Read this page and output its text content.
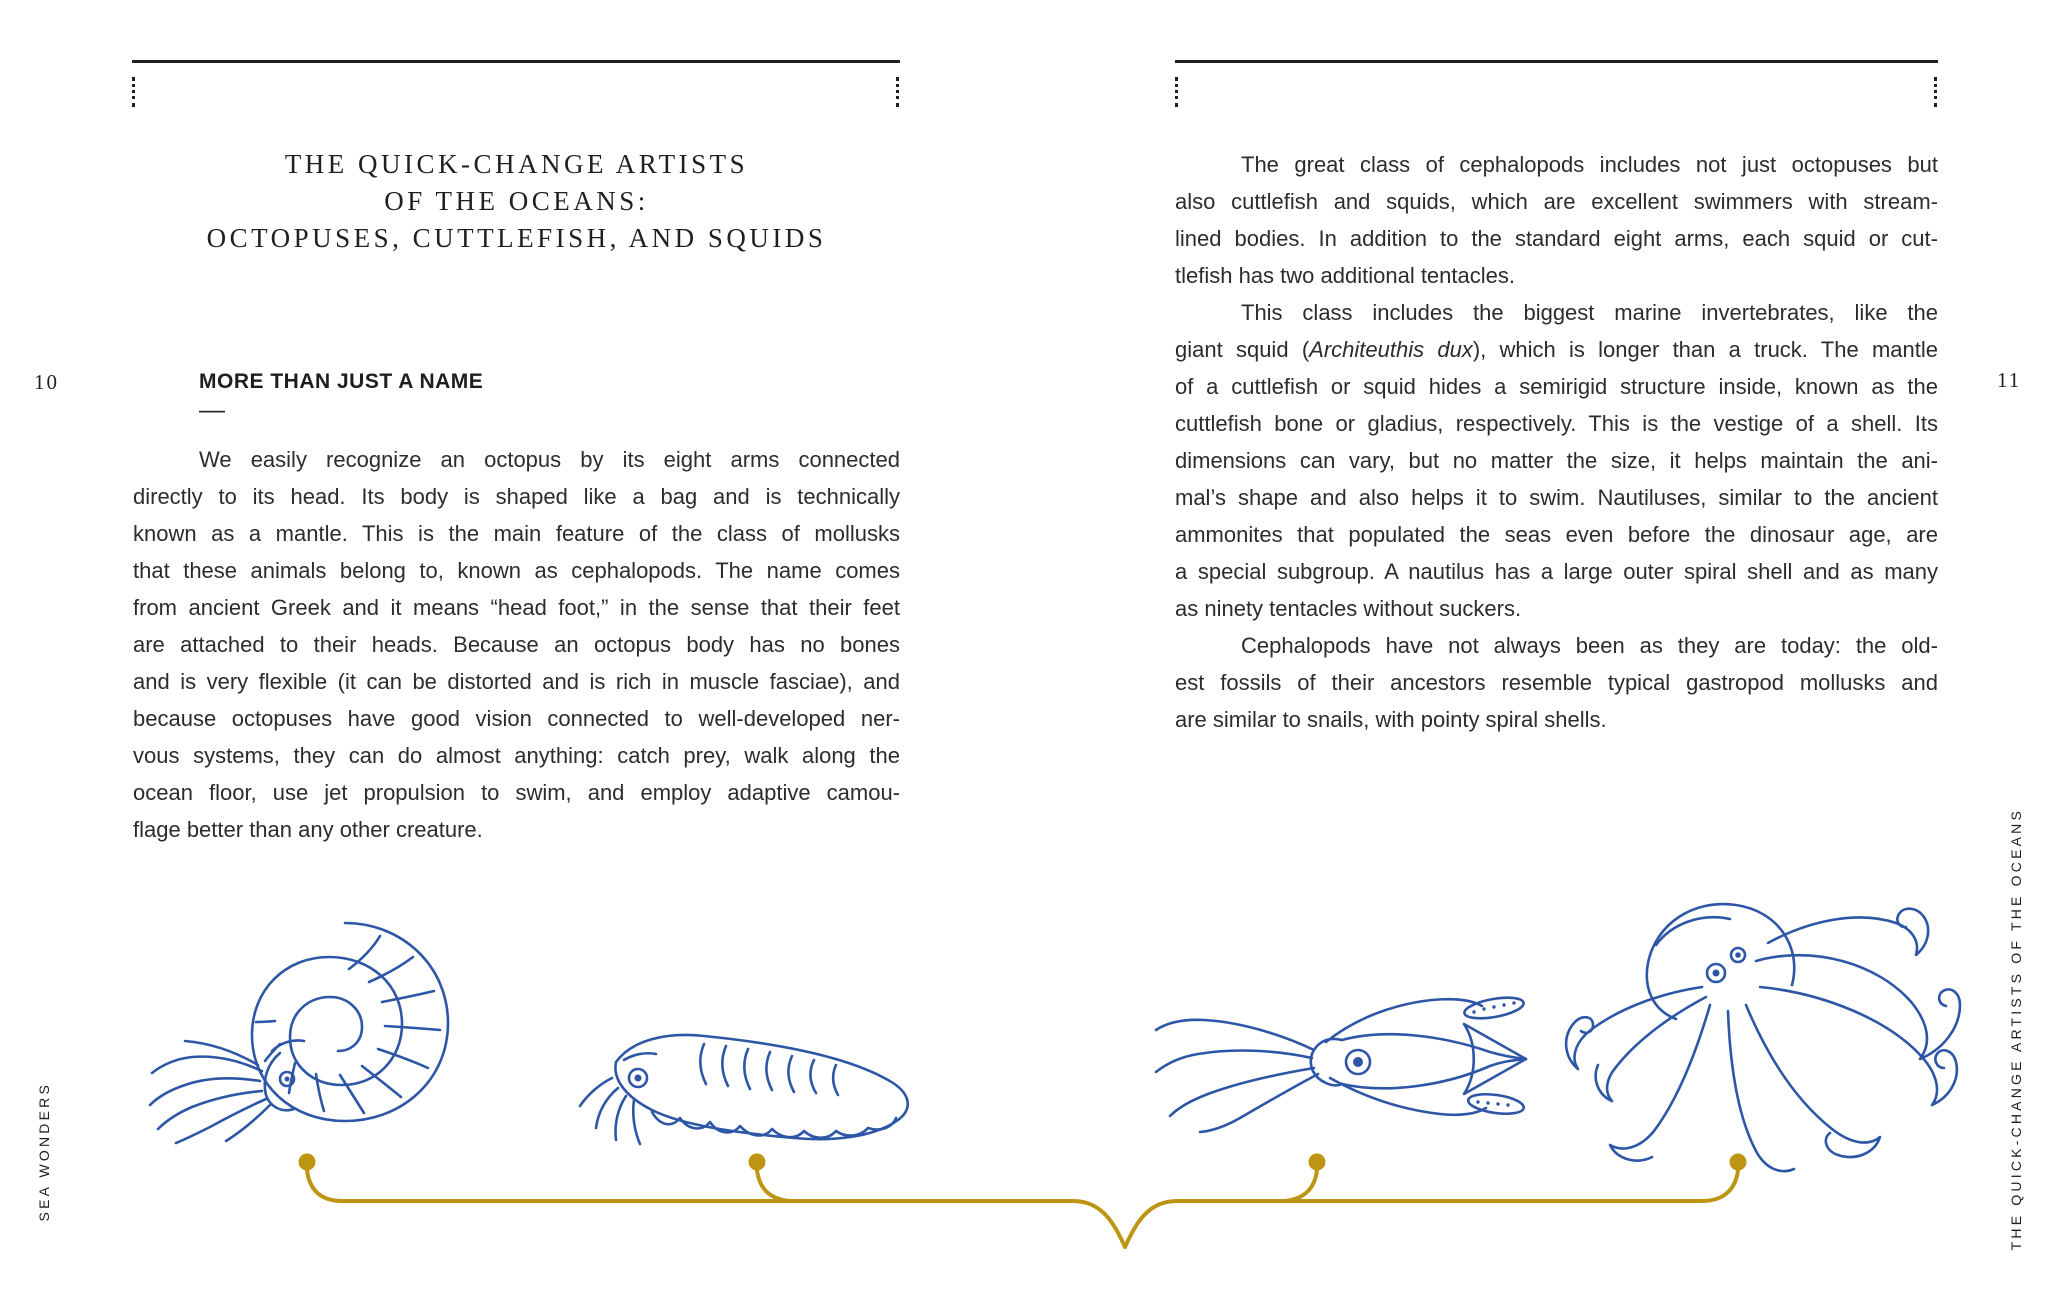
THE QUICK-CHANGE ARTISTS
OF THE OCEANS:
OCTOPUSES, CUTTLEFISH, AND SQUIDS
MORE THAN JUST A NAME
—
We easily recognize an octopus by its eight arms connected
directly to its head. Its body is shaped like a bag and is technically
known as a mantle. This is the main feature of the class of mollusks
that these animals belong to, known as cephalopods. The name comes
from ancient Greek and it means “head foot,” in the sense that their feet
are attached to their heads. Because an octopus body has no bones
and is very flexible (it can be distorted and is rich in muscle fasciae), and
because octopuses have good vision connected to well-developed ner-
vous systems, they can do almost anything: catch prey, walk along the
ocean floor, use jet propulsion to swim, and employ adaptive camou-
flage better than any other creature.
The great class of cephalopods includes not just octopuses but
also cuttlefish and squids, which are excellent swimmers with stream-
lined bodies. In addition to the standard eight arms, each squid or cut-
tlefish has two additional tentacles.
This class includes the biggest marine invertebrates, like the
giant squid (Architeuthis dux), which is longer than a truck. The mantle
of a cuttlefish or squid hides a semirigid structure inside, known as the
cuttlefish bone or gladius, respectively. This is the vestige of a shell. Its
dimensions can vary, but no matter the size, it helps maintain the ani-
mal’s shape and also helps it to swim. Nautiluses, similar to the ancient
ammonites that populated the seas even before the dinosaur age, are
a special subgroup. A nautilus has a large outer spiral shell and as many
as ninety tentacles without suckers.
Cephalopods have not always been as they are today: the old-
est fossils of their ancestors resemble typical gastropod mollusks and
are similar to snails, with pointy spiral shells.
10	11
SEA WONDERS	THE QUICK-CHANGE ARTISTS OF THE OCEANS
